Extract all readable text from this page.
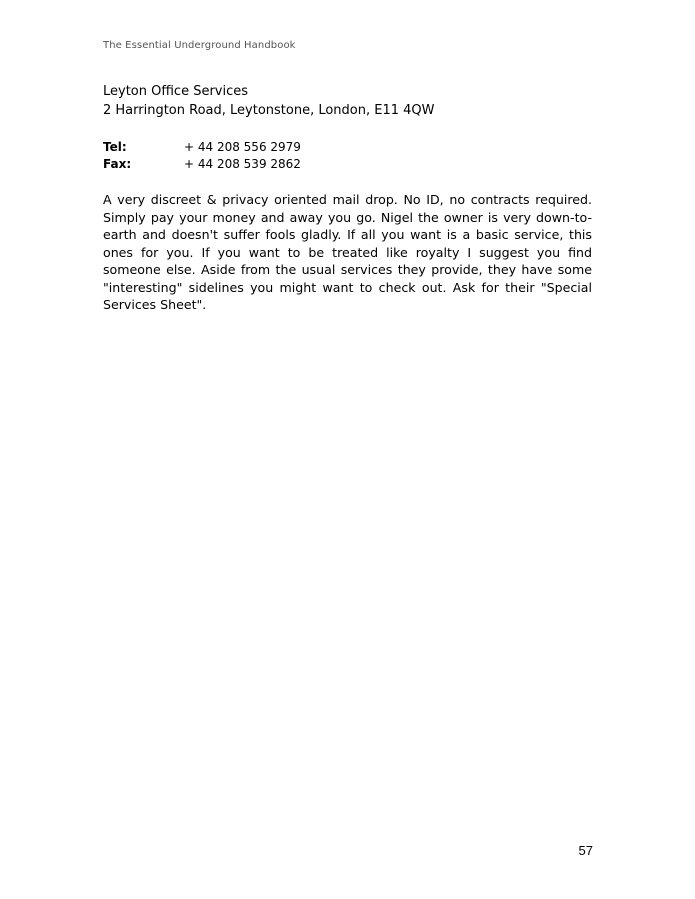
The Essential Underground Handbook
Leyton Office Services
2 Harrington Road, Leytonstone, London, E11 4QW
Tel:	+ 44 208 556 2979
Fax:	+ 44 208 539 2862

A very discreet & privacy oriented mail drop. No ID, no contracts required. Simply pay your money and away you go. Nigel the owner is very down-to-earth and doesn't suffer fools gladly. If all you want is a basic service, this ones for you. If you want to be treated like royalty I suggest you find someone else. Aside from the usual services they provide, they have some "interesting" sidelines you might want to check out. Ask for their "Special Services Sheet".

57
